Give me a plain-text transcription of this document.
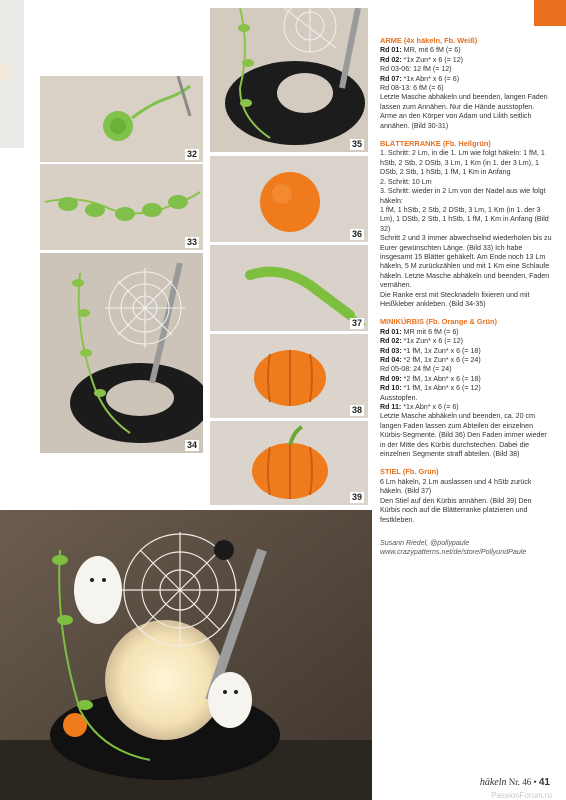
32
33
34
35
36
37
38
39
ARME (4x häkeln, Fb. Weiß)

Rd 01: MR, mit 6 fM (= 6)

Rd 02: *1x Zun* x 6 (= 12)

Rd 03-06: 12 fM (= 12)

Rd 07: *1x Abn* x 6 (= 6)

Rd 08-13: 6 fM (= 6)

Letzte Masche abhäkeln und beenden, langen Faden lassen zum Annähen. Nur die Hände ausstopfen. Arme an den Körper von Adam und Lilith seitlich annähen. (Bild 30-31)

BLÄTTERRANKE (Fb. Hellgrün)

1. Schritt: 2 Lm, in die 1. Lm wie folgt häkeln: 1 fM, 1 hStb, 2 Stb, 2 DStb, 3 Lm, 1 Km (in 1. der 3 Lm), 1 DStb, 2 Stb, 1 hStb, 1 fM, 1 Km in Anfang

2. Schritt: 10 Lm

3. Schritt: wieder in 2 Lm von der Nadel aus wie folgt häkeln:

1 fM, 1 hStb, 2 Stb, 2 DStb, 3 Lm, 1 Km (in 1. der 3 Lm), 1 DStb, 2 Stb, 1 hStb, 1 fM, 1 Km in Anfang (Bild 32)

Schritt 2 und 3 immer abwechselnd wiederholen bis zu Eurer gewünschten Länge. (Bild 33) Ich habe insgesamt 15 Blätter gehäkelt. Am Ende noch 13 Lm häkeln, 5 M zurückzählen und mit 1 Km eine Schlaufe häkeln. Letzte Masche abhäkeln und beenden, Faden vernähen.

Die Ranke erst mit Stecknadeln fixieren und mit Heißkleber ankleben. (Bild 34-35)

MINIKÜRBIS (Fb. Orange & Grün)

Rd 01: MR mit 6 fM (= 6)

Rd 02: *1x Zun* x 6 (= 12)

Rd 03: *1 fM, 1x Zun* x 6 (= 18)

Rd 04: *2 fM, 1x Zun* x 6 (= 24)

Rd 05-08: 24 fM (= 24)

Rd 09: *2 fM, 1x Abn* x 6 (= 18)

Rd 10: *1 fM, 1x Abn* x 6 (= 12)

Ausstopfen.

Rd 11: *1x Abn* x 6 (= 6)

Letzte Masche abhäkeln und beenden, ca. 20 cm langen Faden lassen zum Abteilen der einzelnen Kürbis-Segmente. (Bild 36) Den Faden immer wieder in der Mitte des Kürbis durchstechen. Dabei die einzelnen Segmente straff abteilen. (Bild 38)

STIEL (Fb. Grün)

6 Lm häkeln, 2 Lm auslassen und 4 hStb zurück häkeln. (Bild 37)

Den Stiel auf den Kürbis annähen. (Bild 39) Den Kürbis noch auf die Blätterranke platzieren und festkleben.

Susann Riedel, @pollypaule

www.crazypatterns.net/de/store/PollyundPaule

häkeln Nr. 46 • 41
PassionForum.ru
